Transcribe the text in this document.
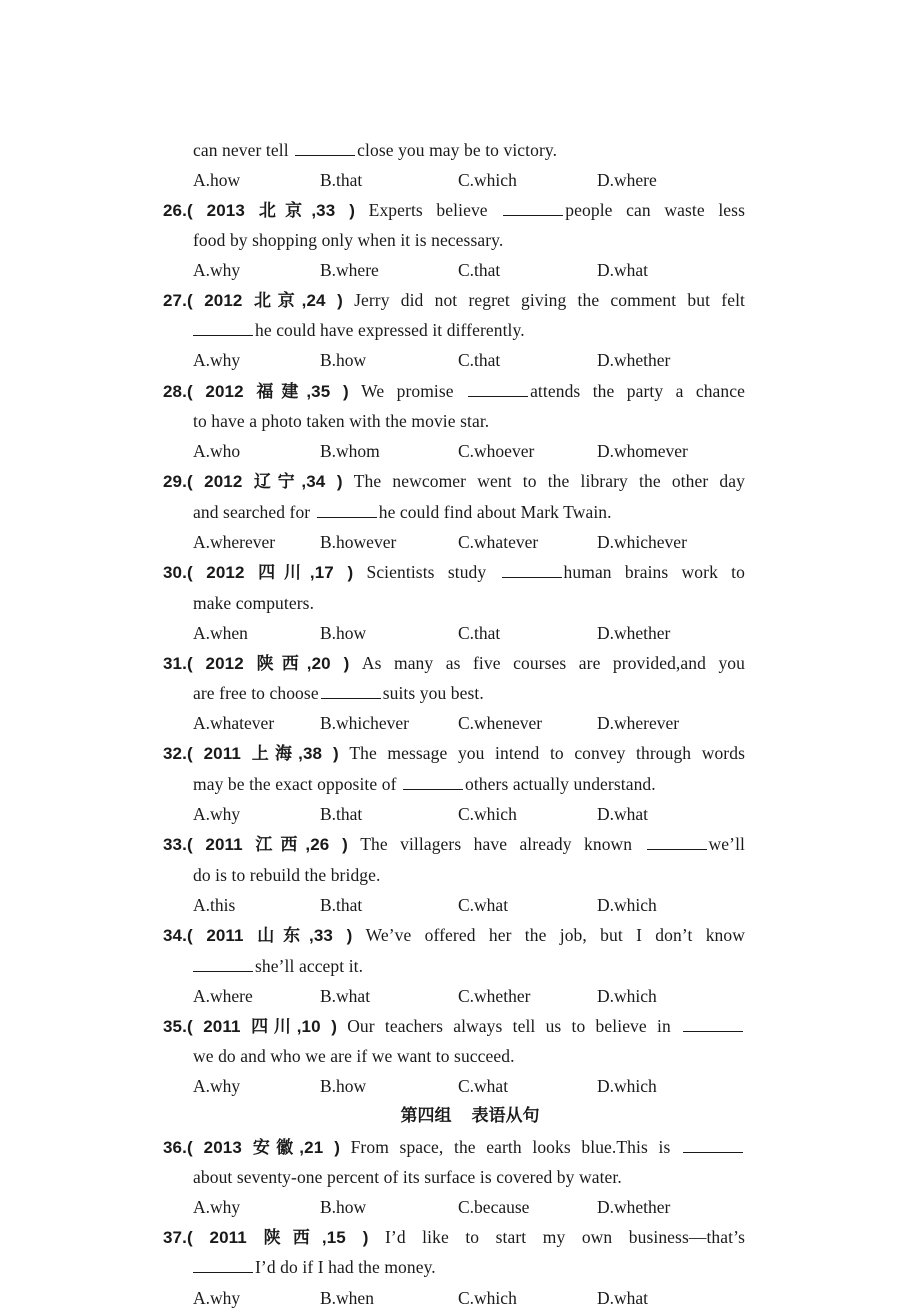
can never tell	close you may be to victory.
A.how	B.that	C.which	D.where
26.( 2013 北京,33 ) Experts believe	people can waste less
food by shopping only when it is necessary.
A.why	B.where	C.that	D.what
27.( 2012 北京,24 ) Jerry did not regret giving the comment but felt
he could have expressed it differently.
A.why	B.how	C.that	D.whether
28.( 2012 福建,35 ) We promise	attends the party a chance
to have a photo taken with the movie star.
A.who	B.whom	C.whoever	D.whomever
29.( 2012 辽宁,34 ) The newcomer went to the library the other day
and searched for	he could find about Mark Twain.
A.wherever	B.however	C.whatever	D.whichever
30.( 2012 四川,17 ) Scientists study	human brains work to
make computers.
A.when	B.how	C.that	D.whether
31.( 2012 陕西,20 ) As many as five courses are provided,and you
are free to choose	suits you best.
A.whatever	B.whichever	C.whenever	D.wherever
32.( 2011 上海,38 ) The message you intend to convey through words
may be the exact opposite of	others actually understand.
A.why	B.that	C.which	D.what
33.( 2011 江西,26 ) The villagers have already known	we’ll
do is to rebuild the bridge.
A.this	B.that	C.what	D.which
34.( 2011 山东,33 ) We’ve offered her the job, but I don’t know
she’ll accept it.
A.where	B.what	C.whether	D.which
35.( 2011 四川,10 ) Our teachers always tell us to believe in
we do and who we are if we want to succeed.
A.why	B.how	C.what	D.which
第四组 表语从句
36.( 2013 安徽,21 ) From space, the earth looks blue.This is
about seventy-one percent of its surface is covered by water.
A.why	B.how	C.because	D.whether
37.( 2011 陕西,15 ) I’d like to start my own business—that’s
I’d do if I had the money.
A.why	B.when	C.which	D.what
